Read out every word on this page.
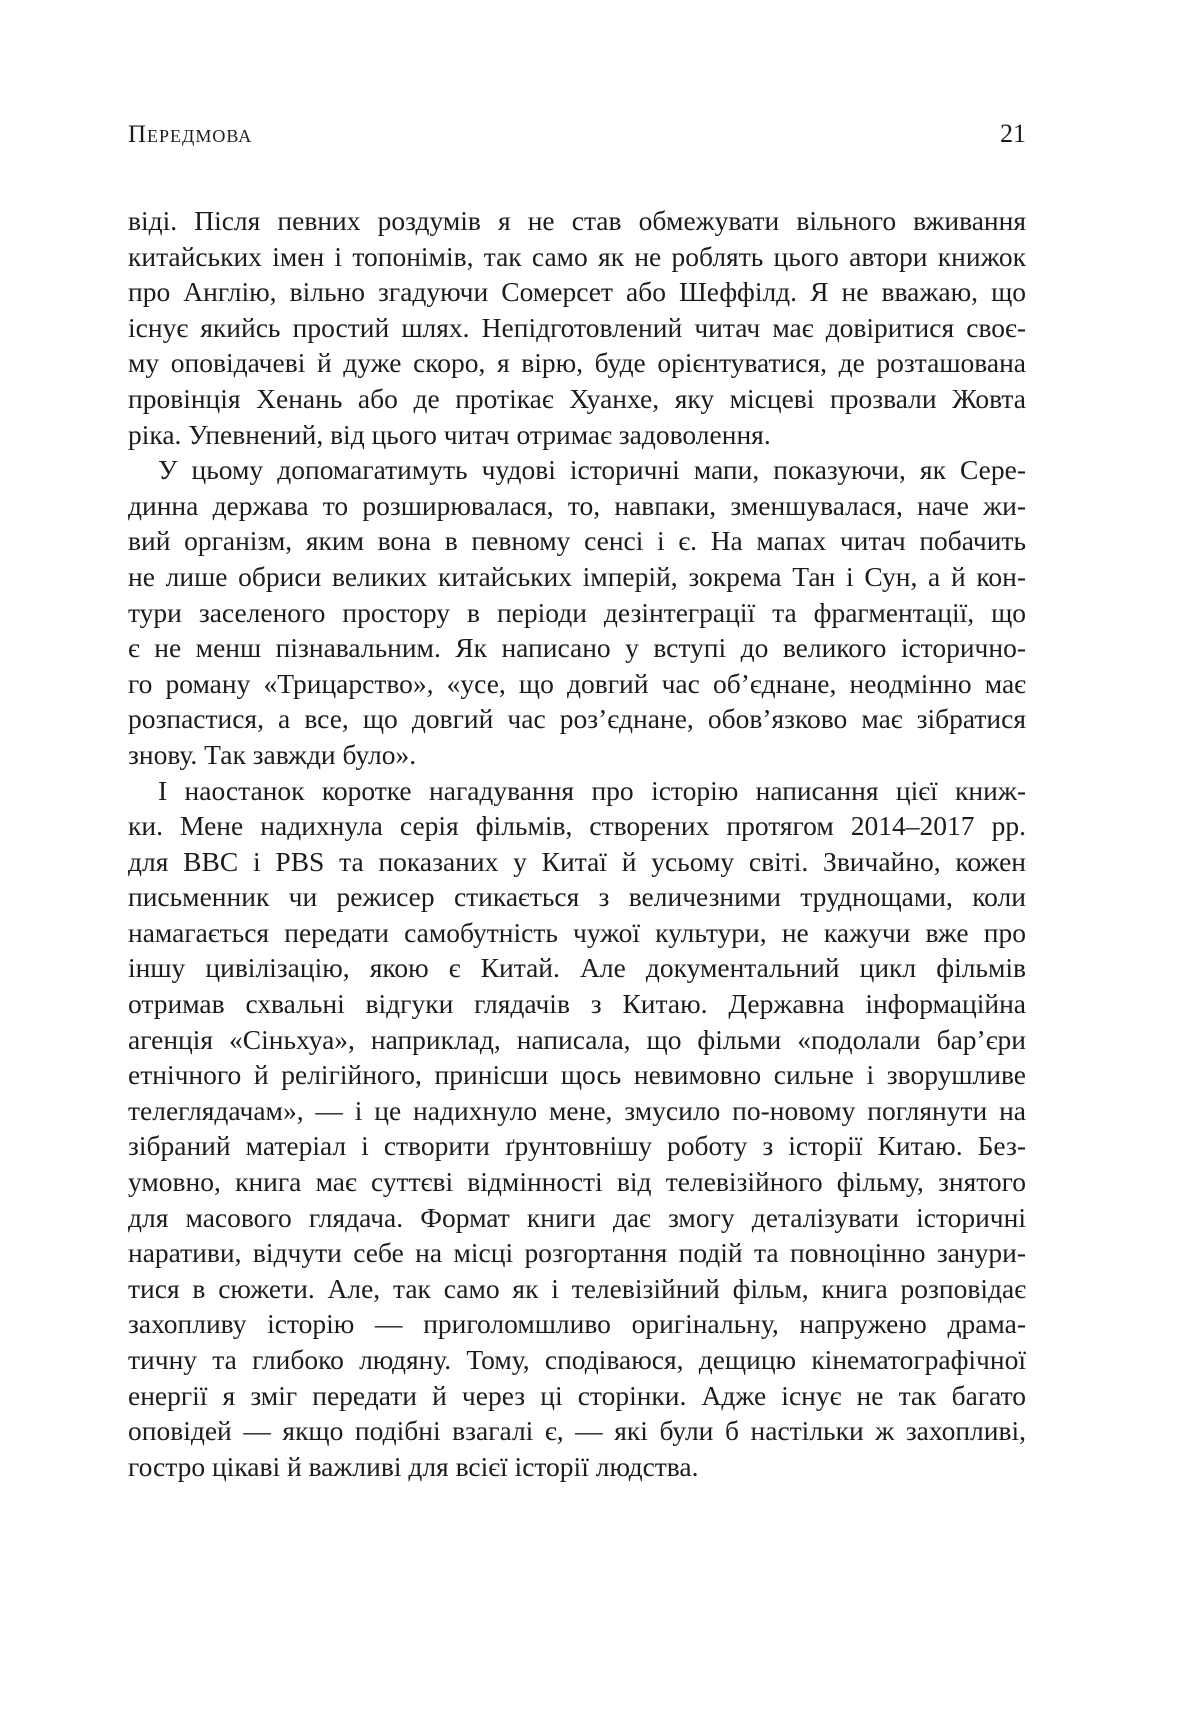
Передмова	21

віді. Після певних роздумів я не став обмежувати вільного вживання
китайських імен і топонімів, так само як не роблять цього автори книжок
про Англію, вільно згадуючи Сомерсет або Шеффілд. Я не вважаю, що
існує якийсь простий шлях. Непідготовлений читач має довіритися своє-
му оповідачеві й дуже скоро, я вірю, буде орієнтуватися, де розташована
провінція Хенань або де протікає Хуанхе, яку місцеві прозвали Жовта
ріка. Упевнений, від цього читач отримає задоволення.

У цьому допомагатимуть чудові історичні мапи, показуючи, як Сере-
динна держава то розширювалася, то, навпаки, зменшувалася, наче жи-
вий організм, яким вона в певному сенсі і є. На мапах читач побачить
не лише обриси великих китайських імперій, зокрема Тан і Сун, а й кон-
тури заселеного простору в періоди дезінтеграції та фрагментації, що
є не менш пізнавальним. Як написано у вступі до великого історично-
го роману «Трицарство», «усе, що довгий час об’єднане, неодмінно має
розпастися, а все, що довгий час роз’єднане, обов’язково має зібратися
знову. Так завжди було».

І наостанок коротке нагадування про історію написання цієї книж-
ки. Мене надихнула серія фільмів, створених протягом 2014–2017 рр.
для BBC і PBS та показаних у Китаї й усьому світі. Звичайно, кожен
письменник чи режисер стикається з величезними труднощами, коли
намагається передати самобутність чужої культури, не кажучи вже про
іншу цивілізацію, якою є Китай. Але документальний цикл фільмів
отримав схвальні відгуки глядачів з Китаю. Державна інформаційна
агенція «Сіньхуа», наприклад, написала, що фільми «подолали бар’єри
етнічного й релігійного, принісши щось невимовно сильне і зворушливе
телеглядачам», — і це надихнуло мене, змусило по-новому поглянути на
зібраний матеріал і створити ґрунтовнішу роботу з історії Китаю. Без-
умовно, книга має суттєві відмінності від телевізійного фільму, знятого
для масового глядача. Формат книги дає змогу деталізувати історичні
наративи, відчути себе на місці розгортання подій та повноцінно занури-
тися в сюжети. Але, так само як і телевізійний фільм, книга розповідає
захопливу історію — приголомшливо оригінальну, напружено драма-
тичну та глибоко людяну. Тому, сподіваюся, дещицю кінематографічної
енергії я зміг передати й через ці сторінки. Адже існує не так багато
оповідей — якщо подібні взагалі є, — які були б настільки ж захопливі,
гостро цікаві й важливі для всієї історії людства.
